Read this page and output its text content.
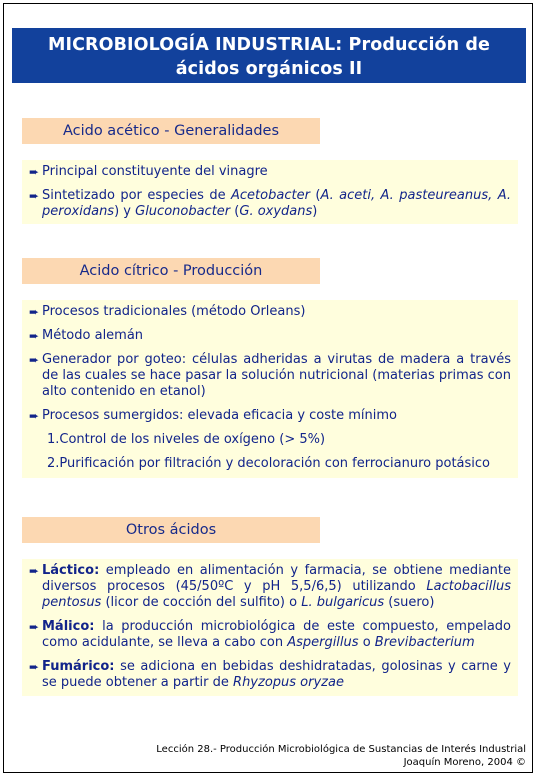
MICROBIOLOGÍA INDUSTRIAL: Producción de
ácidos orgánicos II
Acido acético - Generalidades
➨ Principal constituyente del vinagre
➨ Sintetizado por especies de Acetobacter (A. aceti, A. pasteureanus, A. peroxidans) y Gluconobacter (G. oxydans)
Acido cítrico - Producción
➨ Procesos tradicionales (método Orleans)
➨ Método alemán
➨ Generador por goteo: células adheridas a virutas de madera a través de las cuales se hace pasar la solución nutricional (materias primas con alto contenido en etanol)
➨ Procesos sumergidos: elevada eficacia y coste mínimo
1.Control de los niveles de oxígeno (> 5%)
2.Purificación por filtración y decoloración con ferrocianuro potásico
Otros ácidos
➨ Láctico: empleado en alimentación y farmacia, se obtiene mediante diversos procesos (45/50ºC y pH 5,5/6,5) utilizando Lactobacillus pentosus (licor de cocción del sulfito) o L. bulgaricus (suero)
➨ Málico: la producción microbiológica de este compuesto, empelado como acidulante, se lleva a cabo con Aspergillus o Brevibacterium
➨ Fumárico: se adiciona en bebidas deshidratadas, golosinas y carne y se puede obtener a partir de Rhyzopus oryzae
Lección 28.- Producción Microbiológica de Sustancias de Interés Industrial
Joaquín Moreno, 2004 ©
